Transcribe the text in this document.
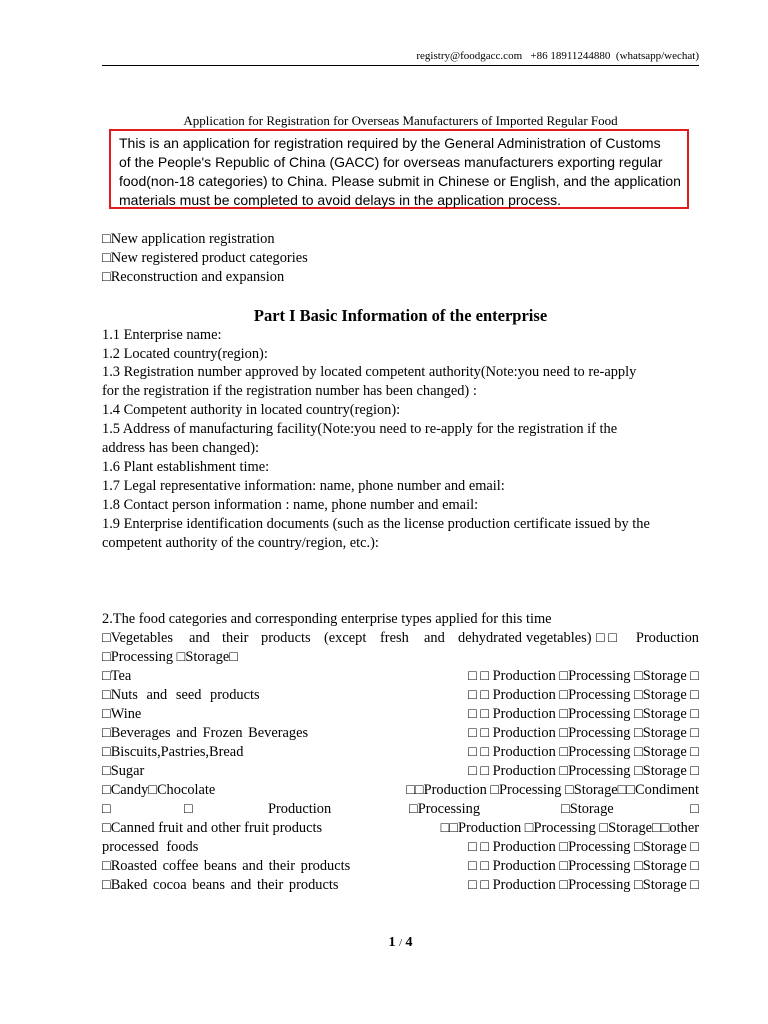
registry@foodgacc.com +86 18911244880 (whatsapp/wechat)
Application for Registration for Overseas Manufacturers of Imported Regular Food
This is an application for registration required by the General Administration of Customs
of the People's Republic of China (GACC) for overseas manufacturers exporting regular
food(non-18 categories) to China. Please submit in Chinese or English, and the application
materials must be completed to avoid delays in the application process.
□New application registration
□New registered product categories
□Reconstruction and expansion
Part I Basic Information of the enterprise
1.1 Enterprise name:
1.2 Located country(region):
1.3 Registration number approved by located competent authority(Note:you need to re-apply
for the registration if the registration number has been changed) :
1.4 Competent authority in located country(region):
1.5 Address of manufacturing facility(Note:you need to re-apply for the registration if the
address has been changed):
1.6 Plant establishment time:
1.7 Legal representative information: name, phone number and email:
1.8 Contact person information : name, phone number and email:
1.9 Enterprise identification documents (such as the license production certificate issued by the
competent authority of the country/region, etc.):
2.The food categories and corresponding enterprise types applied for this time
□Vegetables and their products (except fresh and dehydrated vegetables) □ □ Production
□Processing □Storage□
□Tea	□ □ Production □Processing □Storage □
□Nuts and seed products	□ □ Production □Processing □Storage □
□Wine	□ □ Production □Processing □Storage □
□Beverages and Frozen Beverages	□ □ Production □Processing □Storage □
□Biscuits,Pastries,Bread	□ □ Production □Processing □Storage □
□Sugar	□ □ Production □Processing □Storage □
□Candy□Chocolate	□□Production □Processing □Storage□□Condiment
□	□	Production	□Processing	□Storage	□
□Canned fruit and other fruit products	□□Production □Processing □Storage□□other
processed foods	□ □ Production □Processing □Storage □
□Roasted coffee beans and their products	□ □ Production □Processing □Storage □
□Baked cocoa beans and their products	□ □ Production □Processing □Storage □
1 / 4
